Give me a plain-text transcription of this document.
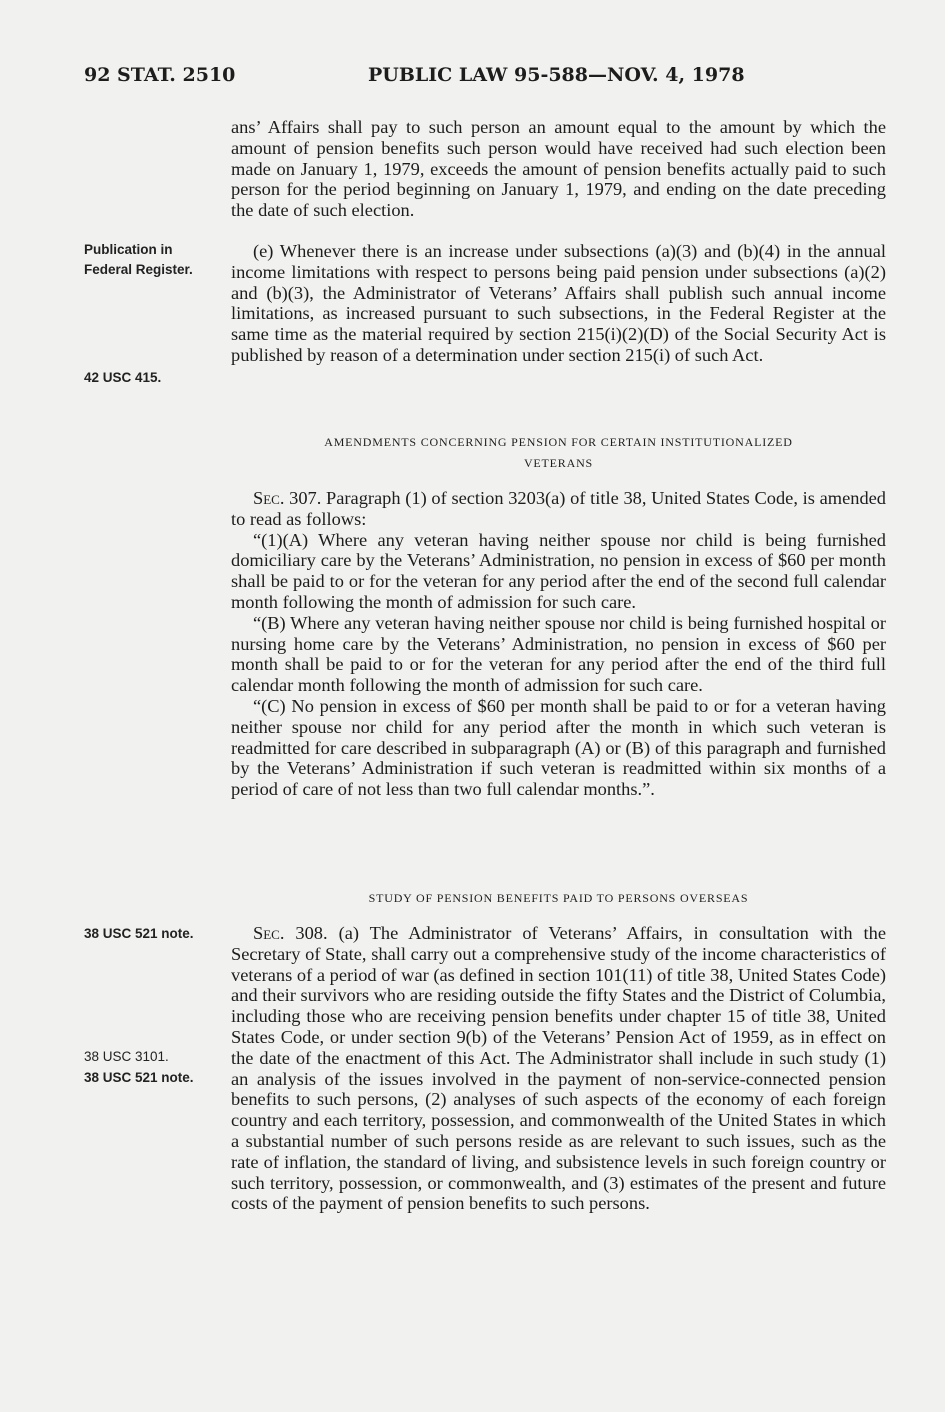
92 STAT. 2510	PUBLIC LAW 95-588—NOV. 4, 1978
Publication in
Federal Register.
42 USC 415.
38 USC 521 note.
38 USC 3101.
38 USC 521 note.

ans’ Affairs shall pay to such person an amount equal to the amount by which the amount of pension benefits such person would have received had such election been made on January 1, 1979, exceeds the amount of pension benefits actually paid to such person for the period beginning on January 1, 1979, and ending on the date preceding the date of such election.

(e) Whenever there is an increase under subsections (a)(3) and (b)(4) in the annual income limitations with respect to persons being paid pension under subsections (a)(2) and (b)(3), the Administrator of Veterans’ Affairs shall publish such annual income limitations, as increased pursuant to such subsections, in the Federal Register at the same time as the material required by section 215(i)(2)(D) of the Social Security Act is published by reason of a determination under section 215(i) of such Act.

AMENDMENTS CONCERNING PENSION FOR CERTAIN INSTITUTIONALIZED
VETERANS

Sec. 307. Paragraph (1) of section 3203(a) of title 38, United States Code, is amended to read as follows:

“(1)(A) Where any veteran having neither spouse nor child is being furnished domiciliary care by the Veterans’ Administration, no pension in excess of $60 per month shall be paid to or for the veteran for any period after the end of the second full calendar month following the month of admission for such care.

“(B) Where any veteran having neither spouse nor child is being furnished hospital or nursing home care by the Veterans’ Administration, no pension in excess of $60 per month shall be paid to or for the veteran for any period after the end of the third full calendar month following the month of admission for such care.

“(C) No pension in excess of $60 per month shall be paid to or for a veteran having neither spouse nor child for any period after the month in which such veteran is readmitted for care described in subparagraph (A) or (B) of this paragraph and furnished by the Veterans’ Administration if such veteran is readmitted within six months of a period of care of not less than two full calendar months.”.

STUDY OF PENSION BENEFITS PAID TO PERSONS OVERSEAS

Sec. 308. (a) The Administrator of Veterans’ Affairs, in consultation with the Secretary of State, shall carry out a comprehensive study of the income characteristics of veterans of a period of war (as defined in section 101(11) of title 38, United States Code) and their survivors who are residing outside the fifty States and the District of Columbia, including those who are receiving pension benefits under chapter 15 of title 38, United States Code, or under section 9(b) of the Veterans’ Pension Act of 1959, as in effect on the date of the enactment of this Act. The Administrator shall include in such study (1) an analysis of the issues involved in the payment of non-service-connected pension benefits to such persons, (2) analyses of such aspects of the economy of each foreign country and each territory, possession, and commonwealth of the United States in which a substantial number of such persons reside as are relevant to such issues, such as the rate of inflation, the standard of living, and subsistence levels in such foreign country or such territory, possession, or commonwealth, and (3) estimates of the present and future costs of the payment of pension benefits to such persons.
